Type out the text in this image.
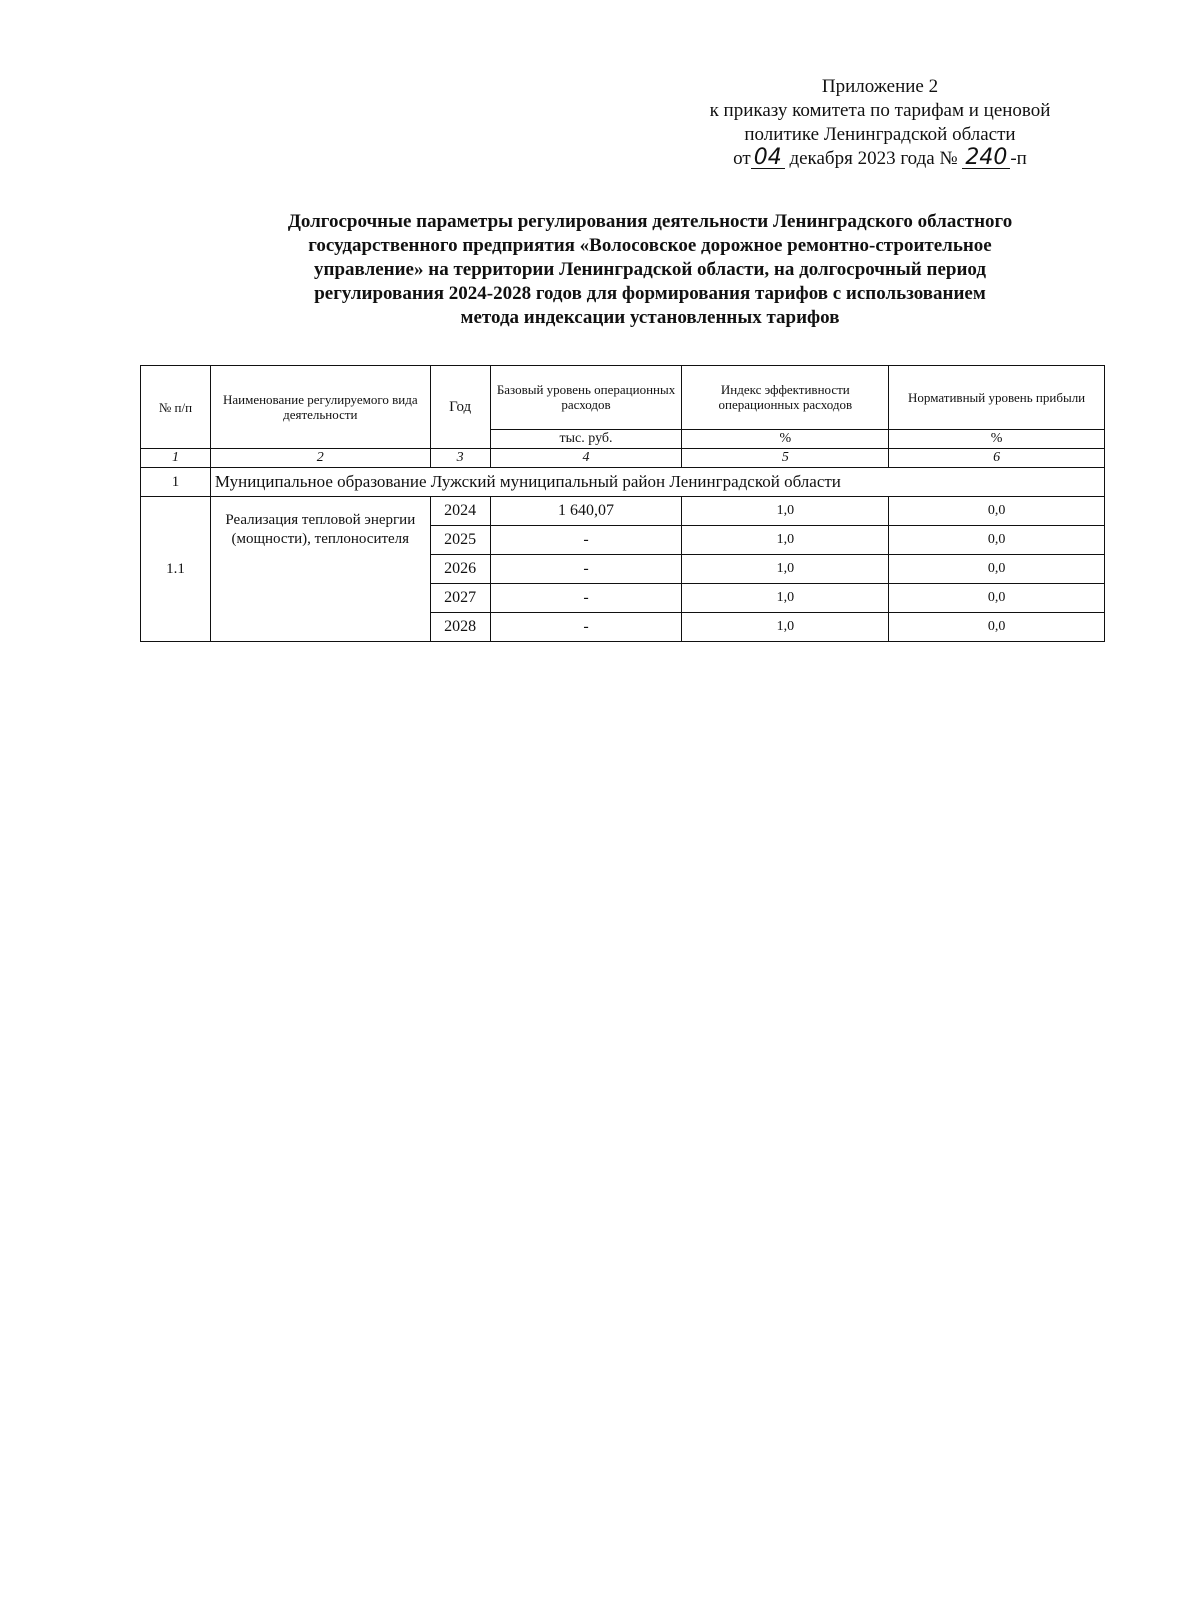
Приложение 2
к приказу комитета по тарифам и ценовой
политике Ленинградской области
от 04 декабря 2023 года № 240 -п
Долгосрочные параметры регулирования деятельности Ленинградского областного
государственного предприятия «Волосовское дорожное ремонтно-строительное
управление» на территории Ленинградской области, на долгосрочный период
регулирования 2024-2028 годов для формирования тарифов с использованием
метода индексации установленных тарифов
№ п/п	Наименование регулируемого вида деятельности	Год	Базовый уровень операционных расходов	Индекс эффективности операционных расходов	Нормативный уровень прибыли
			тыс. руб.	%	%
1	2	3	4	5	6
1	Муниципальное образование Лужский муниципальный район Ленинградской области				
1.1	Реализация тепловой энергии (мощности), теплоносителя	2024	1 640,07	1,0	0,0
		2025	-	1,0	0,0
		2026	-	1,0	0,0
		2027	-	1,0	0,0
		2028	-	1,0	0,0
